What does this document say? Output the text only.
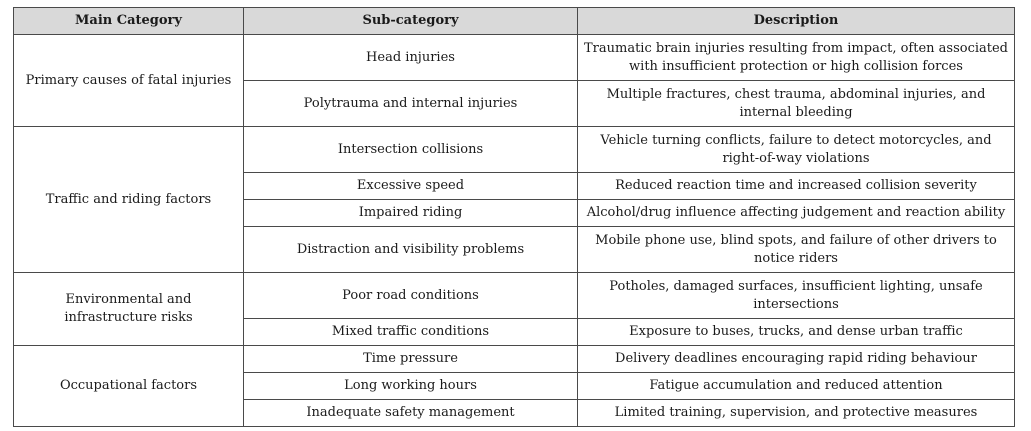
Main Category	Sub-category	Description
Primary causes of fatal injuries	Head injuries	Traumatic brain injuries resulting from impact, often associated with insufficient protection or high collision forces
	Polytrauma and internal injuries	Multiple fractures, chest trauma, abdominal injuries, and internal bleeding
Traffic and riding factors	Intersection collisions	Vehicle turning conflicts, failure to detect motorcycles, and right-of-way violations
	Excessive speed	Reduced reaction time and increased collision severity
	Impaired riding	Alcohol/drug influence affecting judgement and reaction ability
	Distraction and visibility problems	Mobile phone use, blind spots, and failure of other drivers to notice riders
Environmental and infrastructure risks	Poor road conditions	Potholes, damaged surfaces, insufficient lighting, unsafe intersections
	Mixed traffic conditions	Exposure to buses, trucks, and dense urban traffic
Occupational factors	Time pressure	Delivery deadlines encouraging rapid riding behaviour
	Long working hours	Fatigue accumulation and reduced attention
	Inadequate safety management	Limited training, supervision, and protective measures
